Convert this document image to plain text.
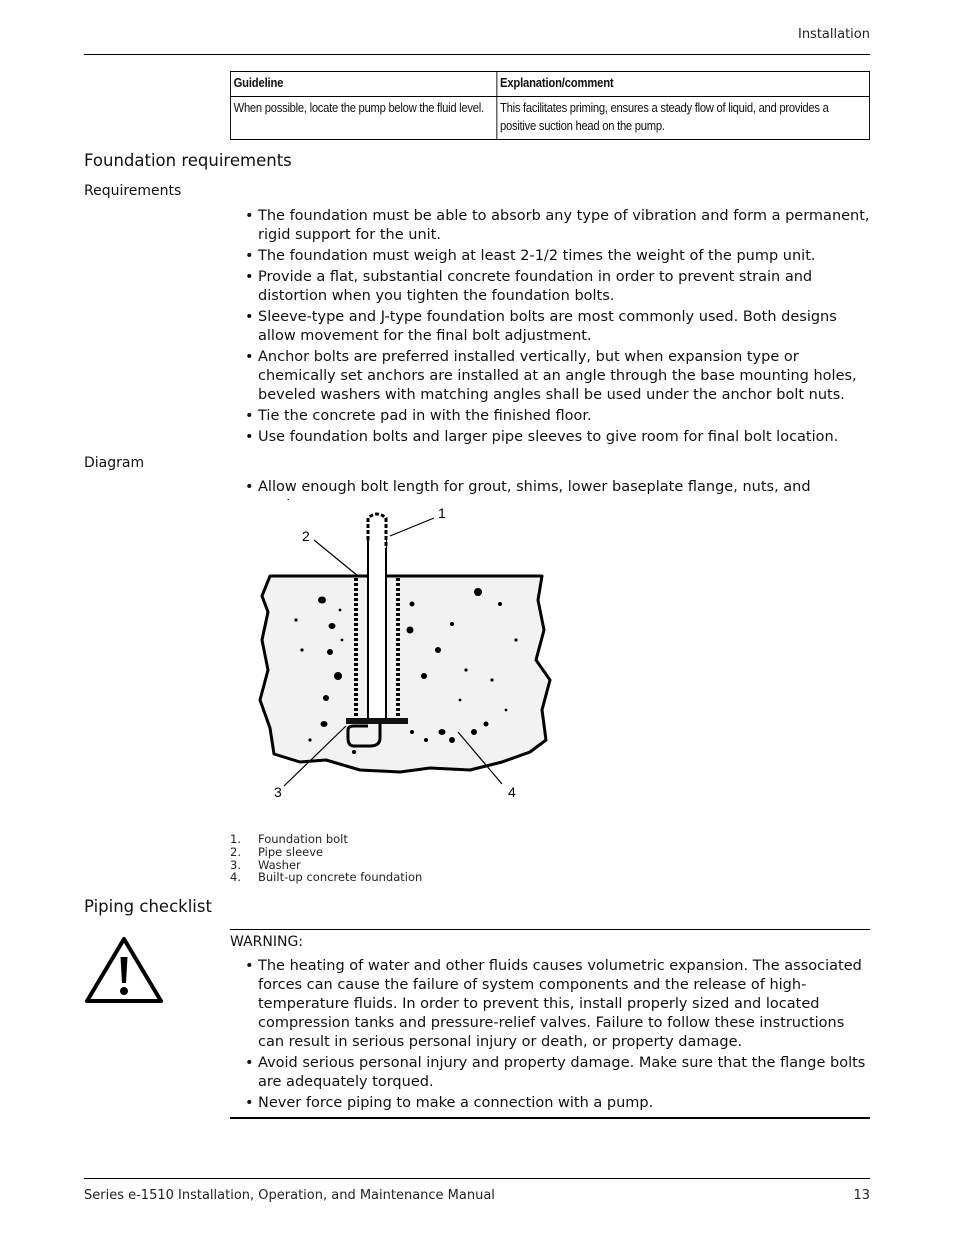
Installation
Guideline	Explanation/comment
When possible, locate the pump below the fluid level.	This facilitates priming, ensures a steady flow of liquid, and provides a positive suction head on the pump.
Foundation requirements
Requirements
• The foundation must be able to absorb any type of vibration and form a permanent, rigid support for the unit.
• The foundation must weigh at least 2-1/2 times the weight of the pump unit.
• Provide a flat, substantial concrete foundation in order to prevent strain and distortion when you tighten the foundation bolts.
• Sleeve-type and J-type foundation bolts are most commonly used. Both designs allow movement for the final bolt adjustment.
• Anchor bolts are preferred installed vertically, but when expansion type or chemically set anchors are installed at an angle through the base mounting holes, beveled washers with matching angles shall be used under the anchor bolt nuts.
• Tie the concrete pad in with the finished floor.
• Use foundation bolts and larger pipe sleeves to give room for final bolt location.
Diagram
• Allow enough bolt length for grout, shims, lower baseplate flange, nuts, and
1
2
3	4
1.	Foundation bolt
2.	Pipe sleeve
3.	Washer
4.	Built-up concrete foundation
Piping checklist
WARNING:
• The heating of water and other fluids causes volumetric expansion. The associated forces can cause the failure of system components and the release of high-temperature fluids. In order to prevent this, install properly sized and located compression tanks and pressure-relief valves. Failure to follow these instructions can result in serious personal injury or death, or property damage.
• Avoid serious personal injury and property damage. Make sure that the flange bolts are adequately torqued.
• Never force piping to make a connection with a pump.
Series e-1510 Installation, Operation, and Maintenance Manual	13
